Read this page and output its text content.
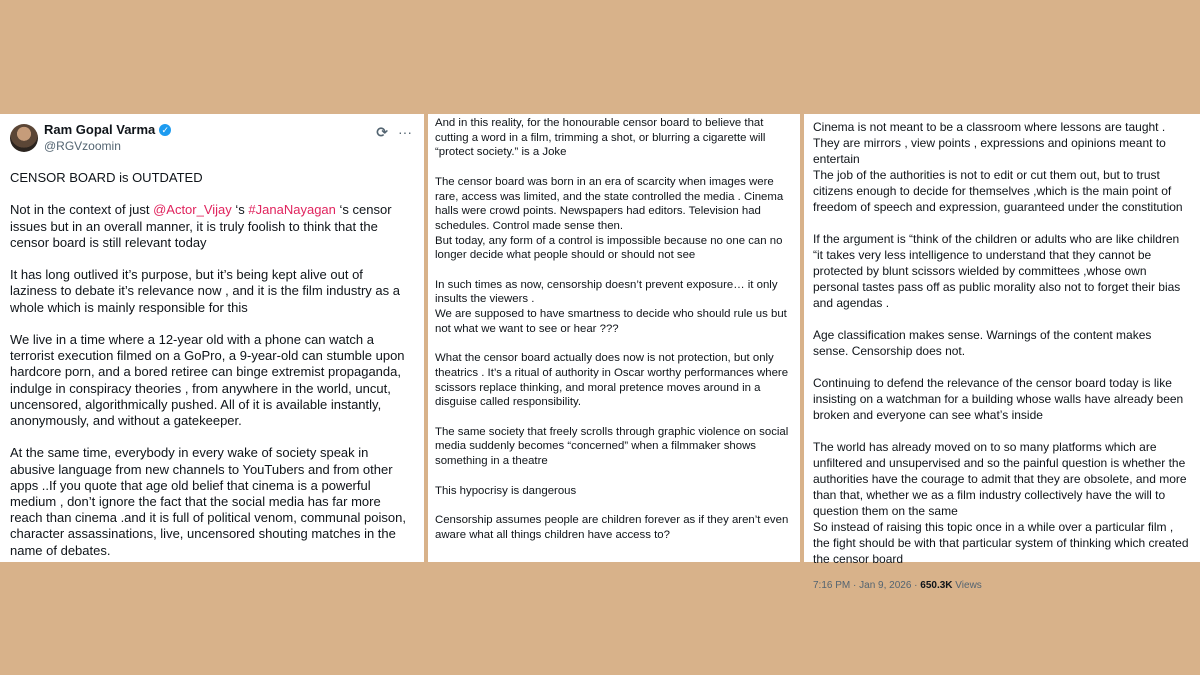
Ram Gopal Varma ✓
@RGVzoomin
⟳ ···

CENSOR BOARD is OUTDATED

Not in the context of just @Actor_Vijay ‘s #JanaNayagan ‘s censor issues but in an overall manner, it is truly foolish to think that the censor board is still relevant today

It has long outlived it’s purpose, but it’s being kept alive out of laziness to debate it’s relevance now , and it is the film industry as a whole which is mainly responsible for this

We live in a time where a 12-year old with a phone can watch a terrorist execution filmed on a GoPro, a 9-year-old can stumble upon hardcore porn, and a bored retiree can binge extremist propaganda, indulge in conspiracy theories , from anywhere in the world, uncut, uncensored, algorithmically pushed. All of it is available instantly, anonymously, and without a gatekeeper.

At the same time, everybody in every wake of society speak in abusive language from new channels to YouTubers and from other apps ..If you quote that age old belief that cinema is a powerful medium , don’t ignore the fact that the social media has far more reach than cinema .and it is full of political venom, communal poison, character assassinations, live, uncensored shouting matches in the name of debates.

And in this reality, for the honourable censor board to believe that cutting a word in a film, trimming a shot, or blurring a cigarette will “protect society.” is a Joke

The censor board was born in an era of scarcity when images were rare, access was limited, and the state controlled the media . Cinema halls were crowd points. Newspapers had editors. Television had schedules. Control made sense then.
But today, any form of a control is impossible because no one can no longer decide what people should or should not see

In such times as now, censorship doesn’t prevent exposure… it only insults the viewers .
We are supposed to have smartness to decide who should rule us but not what we want to see or hear ???

What the censor board actually does now is not protection, but only theatrics . It’s a ritual of authority in Oscar worthy performances where scissors replace thinking, and moral pretence moves around in a disguise called responsibility.

The same society that freely scrolls through graphic violence on social media suddenly becomes “concerned” when a filmmaker shows something in a theatre

This hypocrisy is dangerous

Censorship assumes people are children forever as if they aren’t even aware what all things children have access to?

Cinema is not meant to be a classroom where lessons are taught . They are mirrors , view points , expressions and opinions meant to entertain
The job of the authorities is not to edit or cut them out, but to trust citizens enough to decide for themselves ,which is the main point of freedom of speech and expression, guaranteed under the constitution

If the argument is “think of the children or adults who are like children “it takes very less intelligence to understand that they cannot be protected by blunt scissors wielded by committees ,whose own personal tastes pass off as public morality also not to forget their bias and agendas .

Age classification makes sense. Warnings of the content makes sense. Censorship does not.

Continuing to defend the relevance of the censor board today is like insisting on a watchman for a building whose walls have already been broken and everyone can see what’s inside

The world has already moved on to so many platforms which are unfiltered and unsupervised and so the painful question is whether the authorities have the courage to admit that they are obsolete, and more than that, whether we as a film industry collectively have the will to question them on the same
So instead of raising this topic once in a while over a particular film , the fight should be with that particular system of thinking which created the censor board

7:16 PM · Jan 9, 2026 · 650.3K Views
